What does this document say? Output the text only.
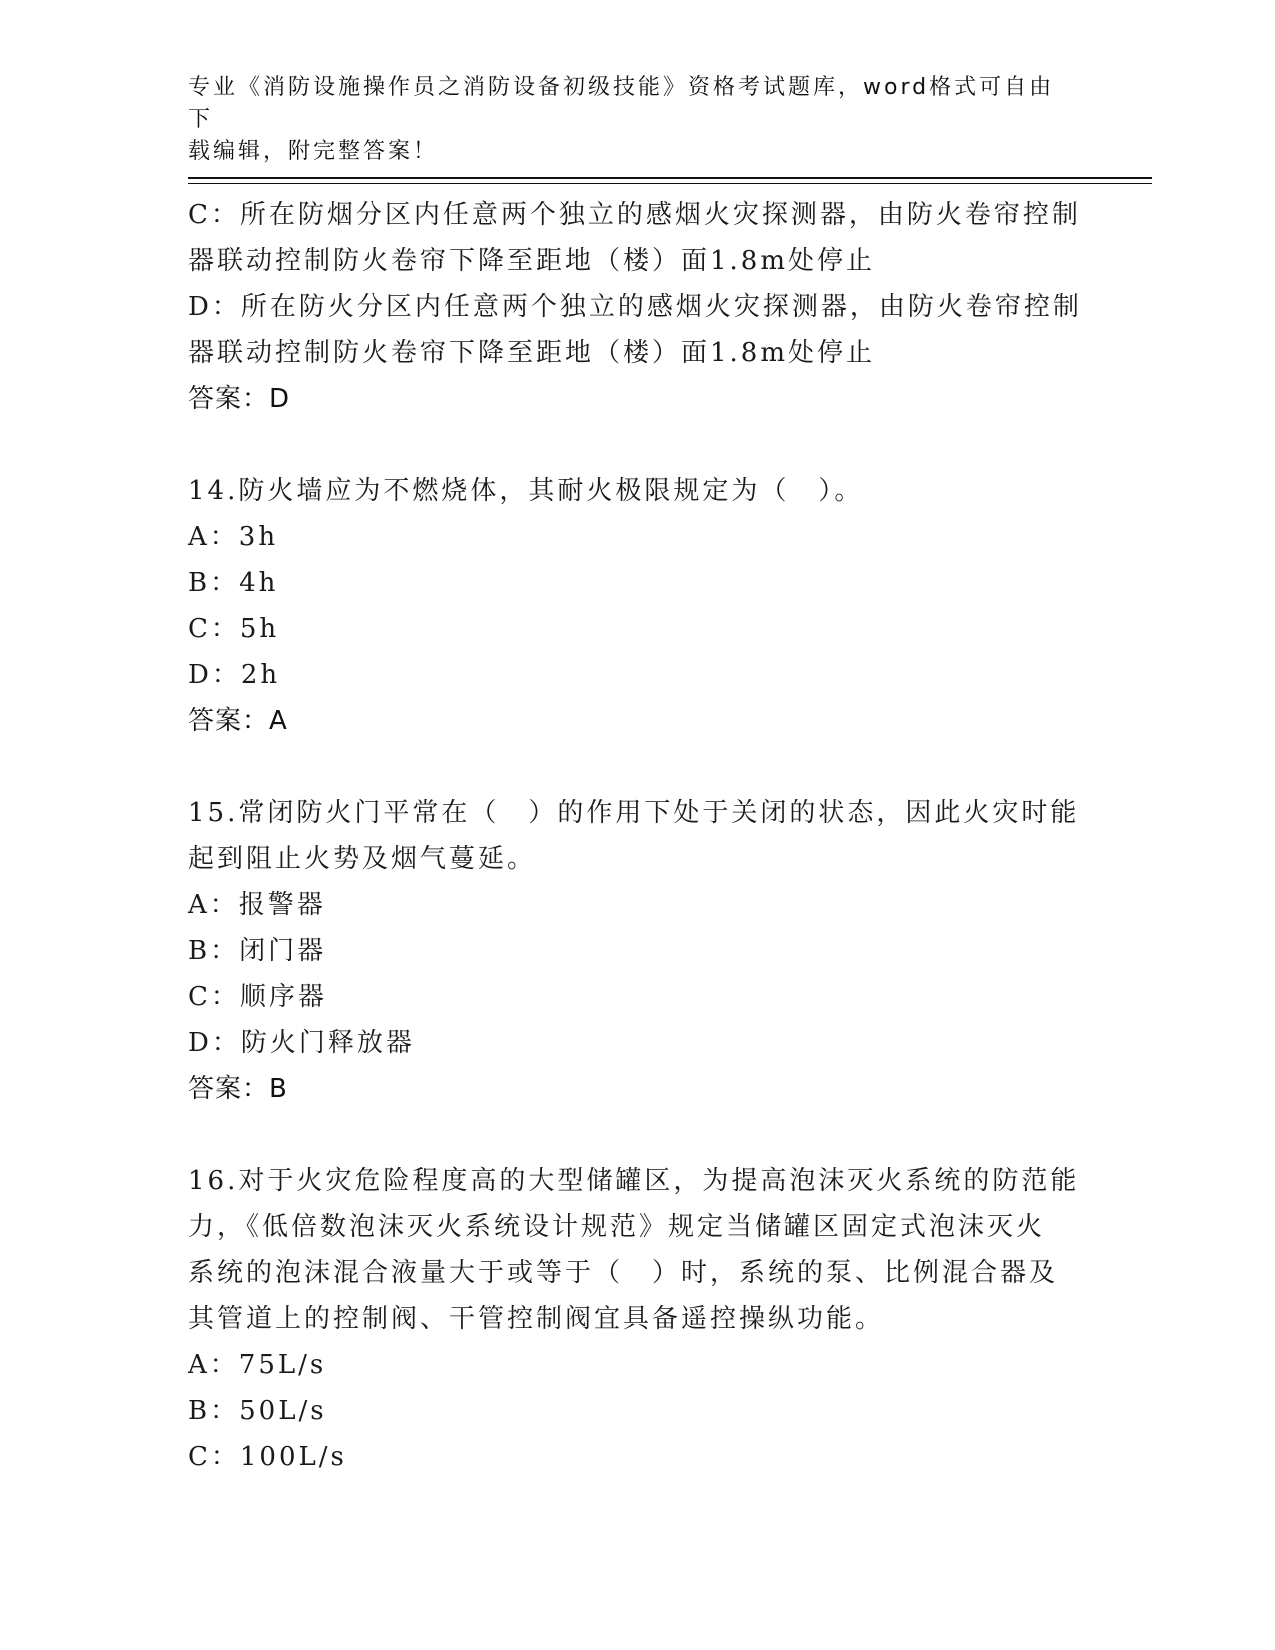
专业《消防设施操作员之消防设备初级技能》资格考试题库，word格式可自由下
载编辑，附完整答案！
C：所在防烟分区内任意两个独立的感烟火灾探测器，由防火卷帘控制
器联动控制防火卷帘下降至距地（楼）面1.8m处停止
D：所在防火分区内任意两个独立的感烟火灾探测器，由防火卷帘控制
器联动控制防火卷帘下降至距地（楼）面1.8m处停止
答案：D
14.防火墙应为不燃烧体，其耐火极限规定为（　）。
A：3h
B：4h
C：5h
D：2h
答案：A
15.常闭防火门平常在（　）的作用下处于关闭的状态，因此火灾时能
起到阻止火势及烟气蔓延。
A：报警器
B：闭门器
C：顺序器
D：防火门释放器
答案：B
16.对于火灾危险程度高的大型储罐区，为提高泡沫灭火系统的防范能
力，《低倍数泡沫灭火系统设计规范》规定当储罐区固定式泡沫灭火
系统的泡沫混合液量大于或等于（　）时，系统的泵、比例混合器及
其管道上的控制阀、干管控制阀宜具备遥控操纵功能。
A：75L/s
B：50L/s
C：100L/s
